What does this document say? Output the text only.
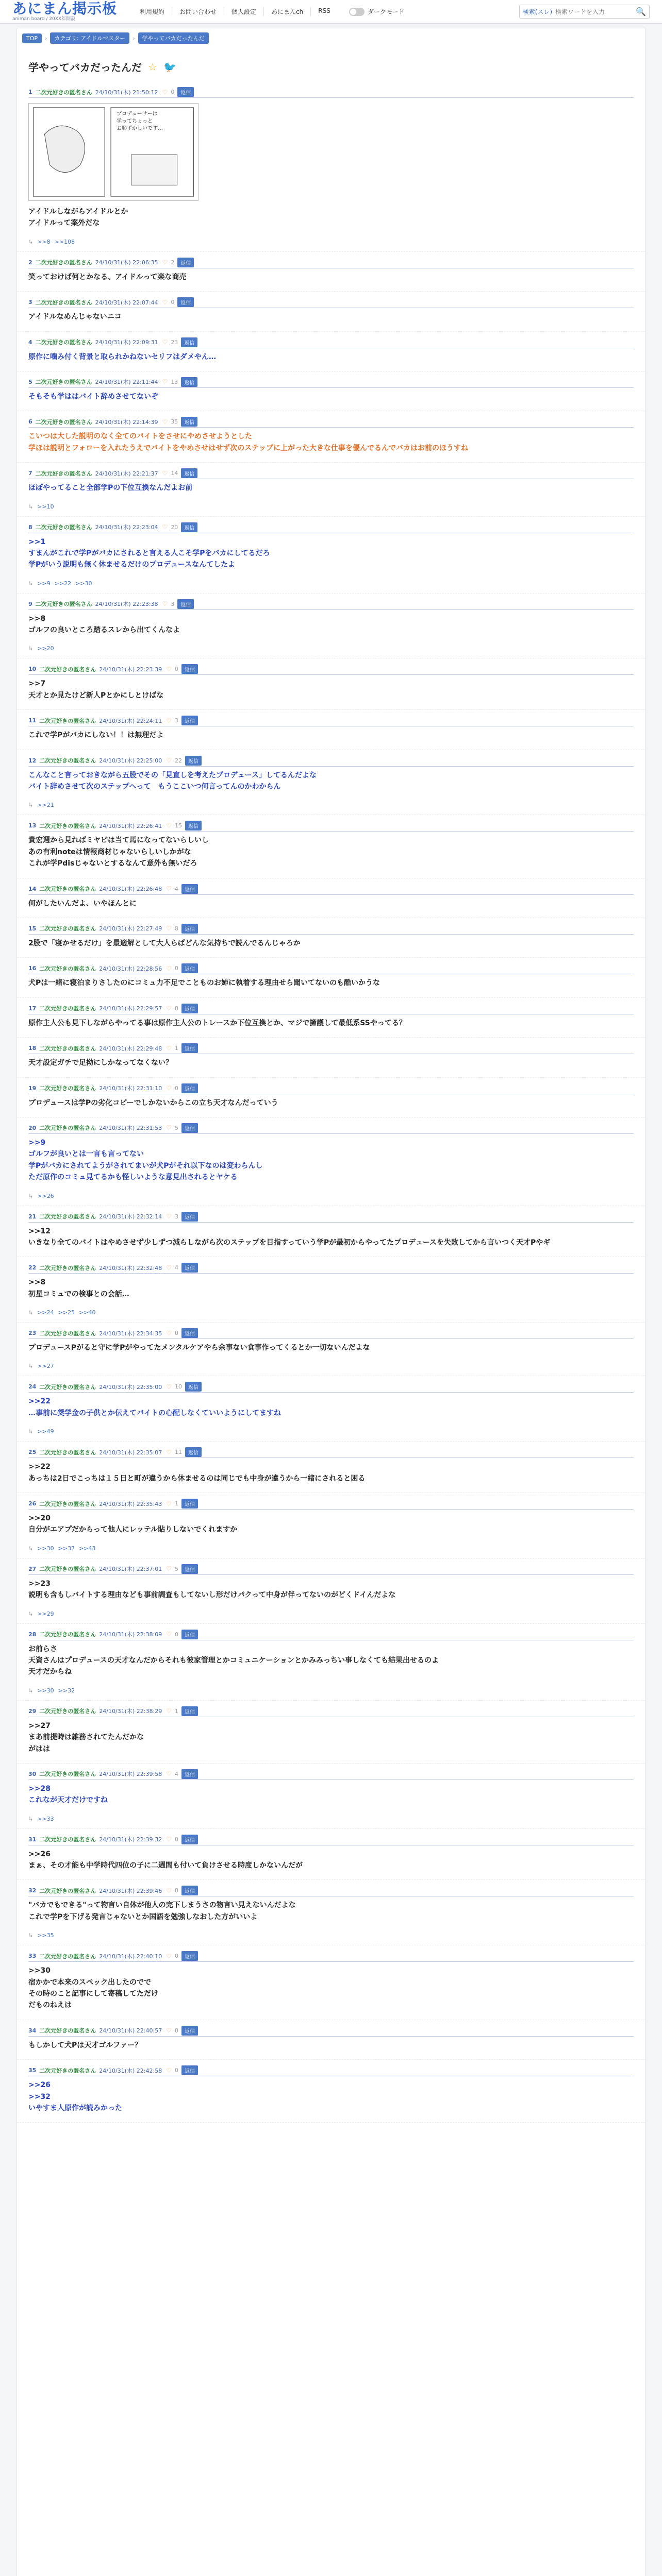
あにまん掲示板
animan board / 20XX年開設
利用規約	お問い合わせ	個人設定	あにまんch	RSS	ダークモード	検索(スレ)
検索ワードを入力	🔍
TOP	›	カテゴリ: アイドルマスター	›	学やってバカだったんだ
学やってバカだったんだ ☆ 🐦
1 二次元好きの匿名さん 24/10/31(木) 21:50:12 ♡ 0	返信
プロデューサーは
学ってちょっと
お恥ずかしいです…
アイドルしながらアイドルとか
アイドルって案外だな
↳ >>8 >>108
2 二次元好きの匿名さん 24/10/31(木) 22:06:35 ♡ 2	返信
笑っておけば何とかなる、アイドルって楽な商売
3 二次元好きの匿名さん 24/10/31(木) 22:07:44 ♡ 0	返信
アイドルなめんじゃないニコ
4 二次元好きの匿名さん 24/10/31(木) 22:09:31 ♡ 23	返信
原作に噛み付く背景と取られかねないセリフはダメやん…
5 二次元好きの匿名さん 24/10/31(木) 22:11:44 ♡ 13	返信
そもそも学ははバイト辞めさせてないぞ
6 二次元好きの匿名さん 24/10/31(木) 22:14:39 ♡ 35	返信
こいつは大した説明のなく全てのバイトをさせにやめさせようとした
学ほは説明とフォローを入れたうえでバイトをやめさせはせず次のステップに上がった大きな仕事を優んでるんでバカはお前のほうすね
7 二次元好きの匿名さん 24/10/31(木) 22:21:37 ♡ 14	返信
ほぼやってること全部学Pの下位互換なんだよお前
↳ >>10
8 二次元好きの匿名さん 24/10/31(木) 22:23:04 ♡ 20	返信
>>1
すまんがこれで学Pがバカにされると言える人こそ学Pをバカにしてるだろ
学Pがいう説明も無く休ませるだけのプロデュースなんてしたよ
↳ >>9 >>22 >>30
9 二次元好きの匿名さん 24/10/31(木) 22:23:38 ♡ 3	返信
>>8
ゴルフの良いところ踏るスレから出てくんなよ
↳ >>20
10 二次元好きの匿名さん 24/10/31(木) 22:23:39 ♡ 0	返信
>>7
天才とか見たけど新人Pとかにしとけばな
11 二次元好きの匿名さん 24/10/31(木) 22:24:11 ♡ 3	返信
これで学Pがバカにしない！！は無理だよ
12 二次元好きの匿名さん 24/10/31(木) 22:25:00 ♡ 22	返信
こんなこと言っておきながら五股でその「見直しを考えたプロデュース」してるんだよな
バイト辞めさせて次のステップへって　もうここいつ何言ってんのかわからん
↳ >>21
13 二次元好きの匿名さん 24/10/31(木) 22:26:41 ♡ 15	返信
貴宏週から見ればミヤビは当て馬になってないらしいし
あの有利noteは情報商材じゃないらしいしかがな
これが学Pdisじゃないとするなんて意外も無いだろ
14 二次元好きの匿名さん 24/10/31(木) 22:26:48 ♡ 4	返信
何がしたいんだよ、いやほんとに
15 二次元好きの匿名さん 24/10/31(木) 22:27:49 ♡ 8	返信
2股で「寝かせるだけ」を最適解として大人らばどんな気持ちで読んでるんじゃろか
16 二次元好きの匿名さん 24/10/31(木) 22:28:56 ♡ 0	返信
犬Pは一緒に寝泊まりさしたのにコミュ力不足でことものお姉に執着する理由せら聞いてないのも酷いかうな
17 二次元好きの匿名さん 24/10/31(木) 22:29:57 ♡ 0	返信
原作主人公も見下しながらやってる事は原作主人公のトレースか下位互換とか、マジで擁護して最低系SSやってる？
18 二次元好きの匿名さん 24/10/31(木) 22:29:48 ♡ 1	返信
天才設定ガチで足拗にしかなってなくない？
19 二次元好きの匿名さん 24/10/31(木) 22:31:10 ♡ 0	返信
プロデュースは学Pの劣化コピーでしかないからこの立ち天才なんだっていう
20 二次元好きの匿名さん 24/10/31(木) 22:31:53 ♡ 5	返信
>>9
ゴルフが良いとは一言も言ってない
学Pがバカにされてようがされてまいが犬Pがそれ以下なのは変わらんし
ただ原作のコミュ見てるかも怪しいような意見出されるとヤケる
↳ >>26
21 二次元好きの匿名さん 24/10/31(木) 22:32:14 ♡ 3	返信
>>12
いきなり全てのバイトはやめさせず少しずつ減らしながら次のステップを目指すっていう学Pが最初からやってたプロデュースを失敗してから言いつく天才Pやギ
22 二次元好きの匿名さん 24/10/31(木) 22:32:48 ♡ 4	返信
>>8
初星コミュでの検事との会話…
↳ >>24 >>25 >>40
23 二次元好きの匿名さん 24/10/31(木) 22:34:35 ♡ 0	返信
プロデュースPがると守に学Pがやってたメンタルケアやら余事ない食事作ってくるとか一切ないんだよな
↳ >>27
24 二次元好きの匿名さん 24/10/31(木) 22:35:00 ♡ 10	返信
>>22
…事前に奨学金の子供とか伝えてバイトの心配しなくていいようにしてますね
↳ >>49
25 二次元好きの匿名さん 24/10/31(木) 22:35:07 ♡ 11	返信
>>22
あっちは2日でこっちは１５日と町が違うから休ませるのは同じでも中身が違うから一緒にされると困る
26 二次元好きの匿名さん 24/10/31(木) 22:35:43 ♡ 1	返信
>>20
自分がエアプだからって他人にレッテル貼りしないでくれますか
↳ >>30 >>37 >>43
27 二次元好きの匿名さん 24/10/31(木) 22:37:01 ♡ 5	返信
>>23
説明も含もしバイトする理由なども事前調査もしてないし形だけパクって中身が伴ってないのがどくドイんだよな
↳ >>29
28 二次元好きの匿名さん 24/10/31(木) 22:38:09 ♡ 0	返信
お前らさ
天資さんはプロデュースの天才なんだからそれも彼家管理とかコミュニケーションとかみみっちい事しなくても結果出せるのよ
天才だからね
↳ >>30 >>32
29 二次元好きの匿名さん 24/10/31(木) 22:38:29 ♡ 1	返信
>>27
まあ前提時は雑務されてたんだかな
がはは
30 二次元好きの匿名さん 24/10/31(木) 22:39:58 ♡ 4	返信
>>28
これなが天才だけですね
↳ >>33
31 二次元好きの匿名さん 24/10/31(木) 22:39:32 ♡ 0	返信
>>26
まぁ、その才能も中学時代四位の子に二週間も付いて負けさせる時度しかないんだが
32 二次元好きの匿名さん 24/10/31(木) 22:39:46 ♡ 0	返信
"バカでもできる"って物言い自体が他人の完下しまうさの物言い見えないんだよな
これで学Pを下げる発言じゃないとか国語を勉強しなおした方がいいよ
↳ >>35
33 二次元好きの匿名さん 24/10/31(木) 22:40:10 ♡ 0	返信
>>30
宿かかで本来のスペック出したのでで
その時のこと記事にして寄稿してただけ
だものねえは
34 二次元好きの匿名さん 24/10/31(木) 22:40:57 ♡ 0	返信
もしかして犬Pは天才ゴルファー？
35 二次元好きの匿名さん 24/10/31(木) 22:42:58 ♡ 0	返信
>>26
>>32
いやすま人原作が読みかった
